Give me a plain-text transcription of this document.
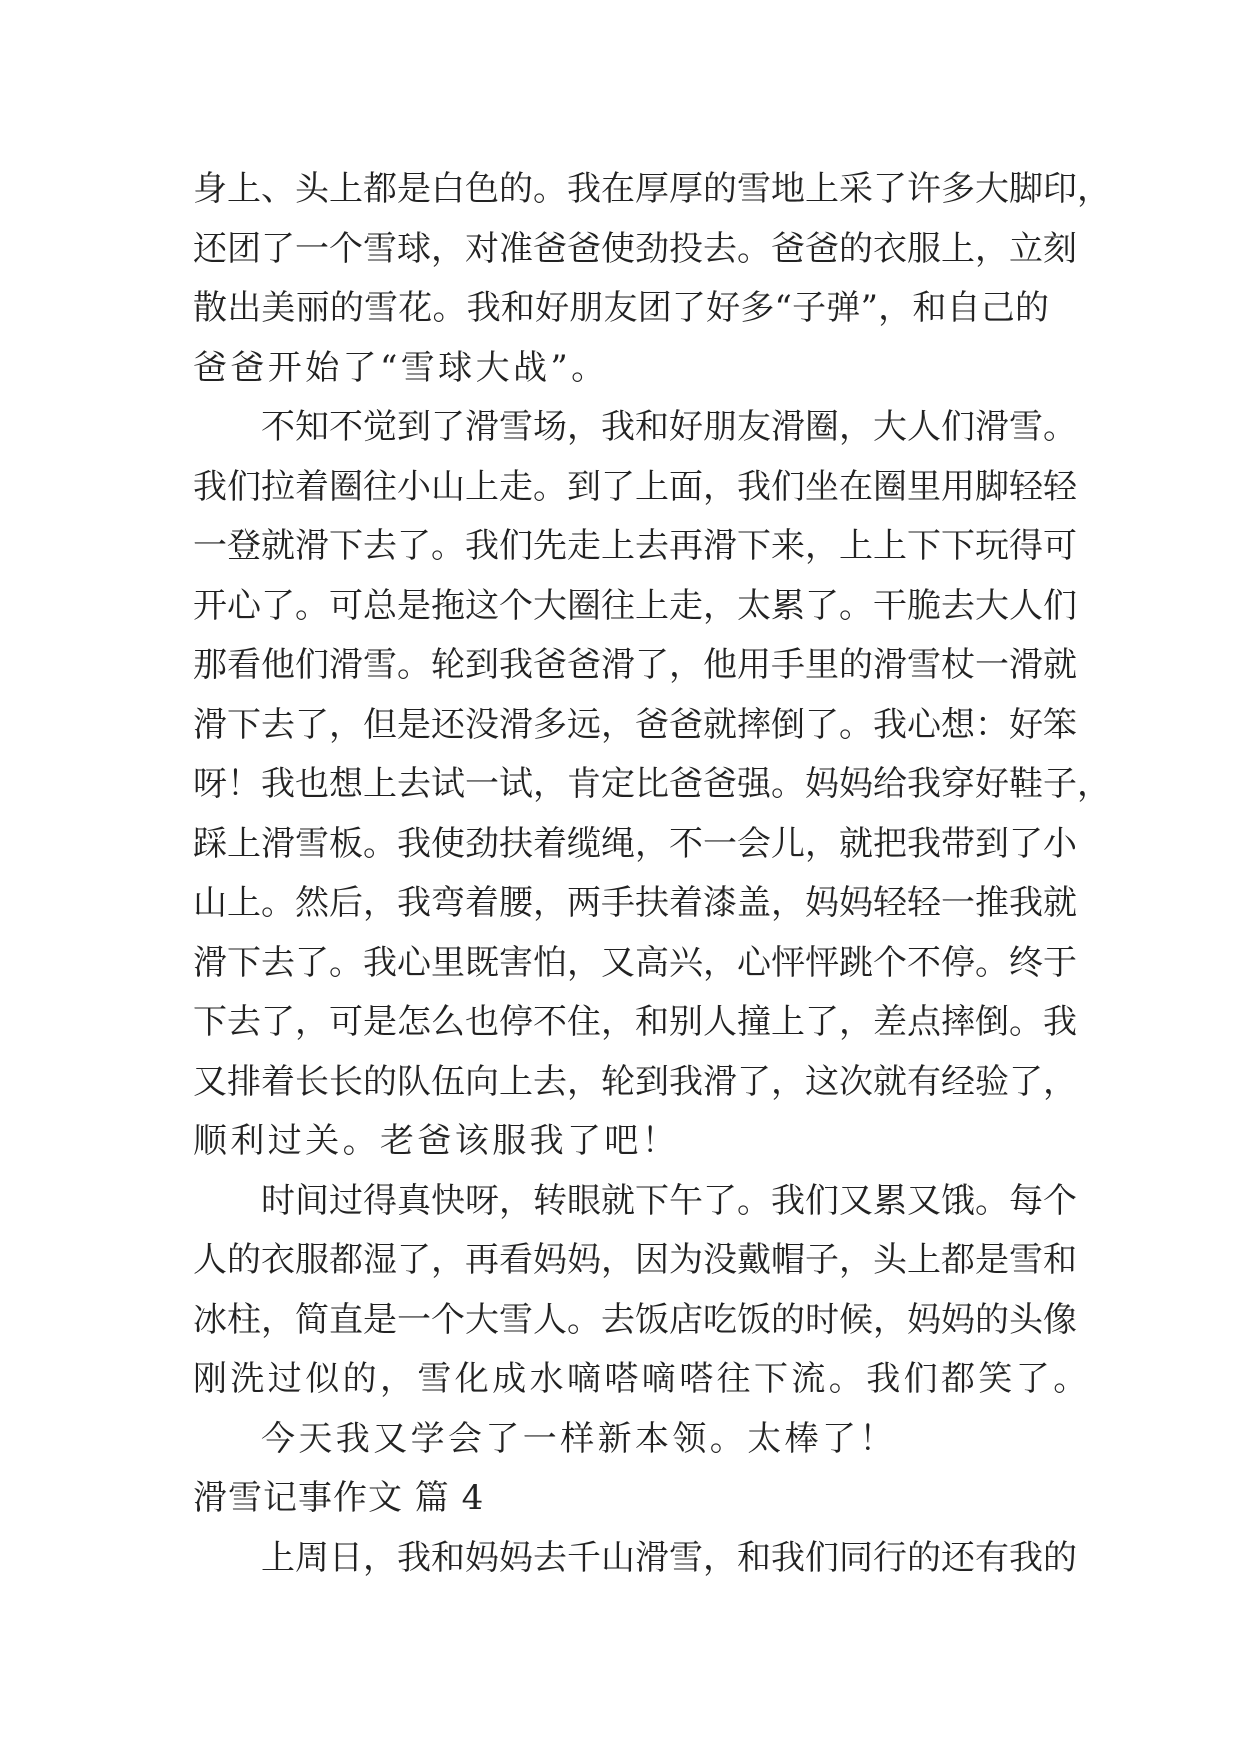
身上、头上都是白色的。我在厚厚的雪地上采了许多大脚印，
还团了一个雪球，对准爸爸使劲投去。爸爸的衣服上，立刻
散出美丽的雪花。我和好朋友团了好多“子弹”，和自己的
爸爸开始了“雪球大战”。
不知不觉到了滑雪场，我和好朋友滑圈，大人们滑雪。
我们拉着圈往小山上走。到了上面，我们坐在圈里用脚轻轻
一登就滑下去了。我们先走上去再滑下来，上上下下玩得可
开心了。可总是拖这个大圈往上走，太累了。干脆去大人们
那看他们滑雪。轮到我爸爸滑了，他用手里的滑雪杖一滑就
滑下去了，但是还没滑多远，爸爸就摔倒了。我心想：好笨
呀！我也想上去试一试，肯定比爸爸强。妈妈给我穿好鞋子，
踩上滑雪板。我使劲扶着缆绳，不一会儿，就把我带到了小
山上。然后，我弯着腰，两手扶着漆盖，妈妈轻轻一推我就
滑下去了。我心里既害怕，又高兴，心怦怦跳个不停。终于
下去了，可是怎么也停不住，和别人撞上了，差点摔倒。我
又排着长长的队伍向上去，轮到我滑了，这次就有经验了，
顺利过关。老爸该服我了吧！
时间过得真快呀，转眼就下午了。我们又累又饿。每个
人的衣服都湿了，再看妈妈，因为没戴帽子，头上都是雪和
冰柱，简直是一个大雪人。去饭店吃饭的时候，妈妈的头像
刚洗过似的，雪化成水嘀嗒嘀嗒往下流。我们都笑了。
今天我又学会了一样新本领。太棒了！
滑雪记事作文 篇 4
上周日，我和妈妈去千山滑雪，和我们同行的还有我的
